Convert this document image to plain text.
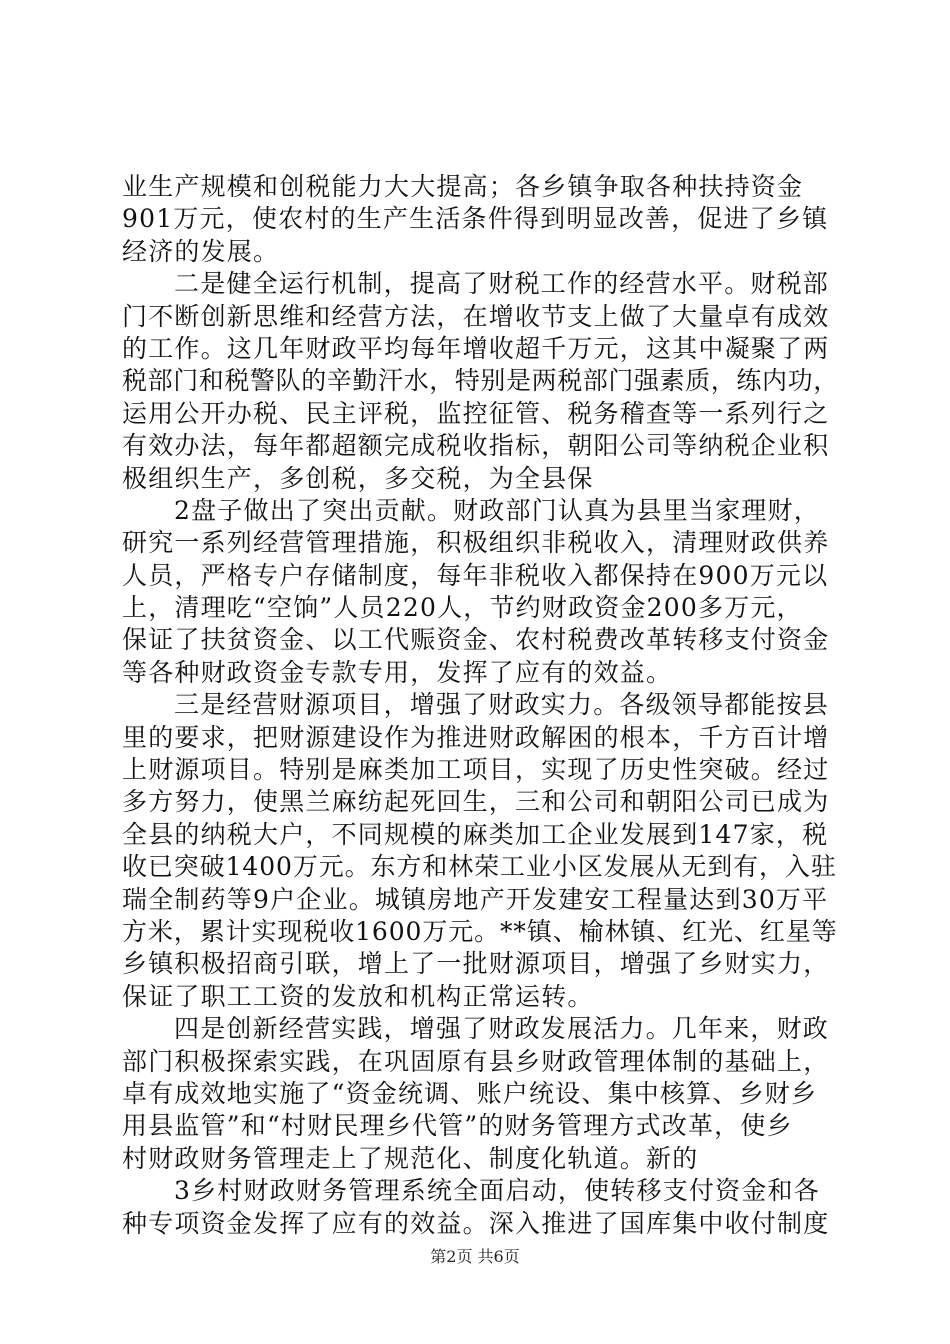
业生产规模和创税能力大大提高；各乡镇争取各种扶持资金
901万元，使农村的生产生活条件得到明显改善，促进了乡镇
经济的发展。
二是健全运行机制，提高了财税工作的经营水平。财税部
门不断创新思维和经营方法，在增收节支上做了大量卓有成效
的工作。这几年财政平均每年增收超千万元，这其中凝聚了两
税部门和税警队的辛勤汗水，特别是两税部门强素质，练内功，
运用公开办税、民主评税，监控征管、税务稽查等一系列行之
有效办法，每年都超额完成税收指标，朝阳公司等纳税企业积
极组织生产，多创税，多交税，为全县保
2盘子做出了突出贡献。财政部门认真为县里当家理财，
研究一系列经营管理措施，积极组织非税收入，清理财政供养
人员，严格专户存储制度，每年非税收入都保持在900万元以
上，清理吃“空饷”人员220人，节约财政资金200多万元，
保证了扶贫资金、以工代赈资金、农村税费改革转移支付资金
等各种财政资金专款专用，发挥了应有的效益。
三是经营财源项目，增强了财政实力。各级领导都能按县
里的要求，把财源建设作为推进财政解困的根本，千方百计增
上财源项目。特别是麻类加工项目，实现了历史性突破。经过
多方努力，使黑兰麻纺起死回生，三和公司和朝阳公司已成为
全县的纳税大户，不同规模的麻类加工企业发展到147家，税
收已突破1400万元。东方和林荣工业小区发展从无到有，入驻
瑞全制药等9户企业。城镇房地产开发建安工程量达到30万平
方米，累计实现税收1600万元。**镇、榆林镇、红光、红星等
乡镇积极招商引联，增上了一批财源项目，增强了乡财实力，
保证了职工工资的发放和机构正常运转。
四是创新经营实践，增强了财政发展活力。几年来，财政
部门积极探索实践，在巩固原有县乡财政管理体制的基础上，
卓有成效地实施了“资金统调、账户统设、集中核算、乡财乡
用县监管”和“村财民理乡代管”的财务管理方式改革，使乡
村财政财务管理走上了规范化、制度化轨道。新的
3乡村财政财务管理系统全面启动，使转移支付资金和各
种专项资金发挥了应有的效益。深入推进了国库集中收付制度
第2页 共6页
